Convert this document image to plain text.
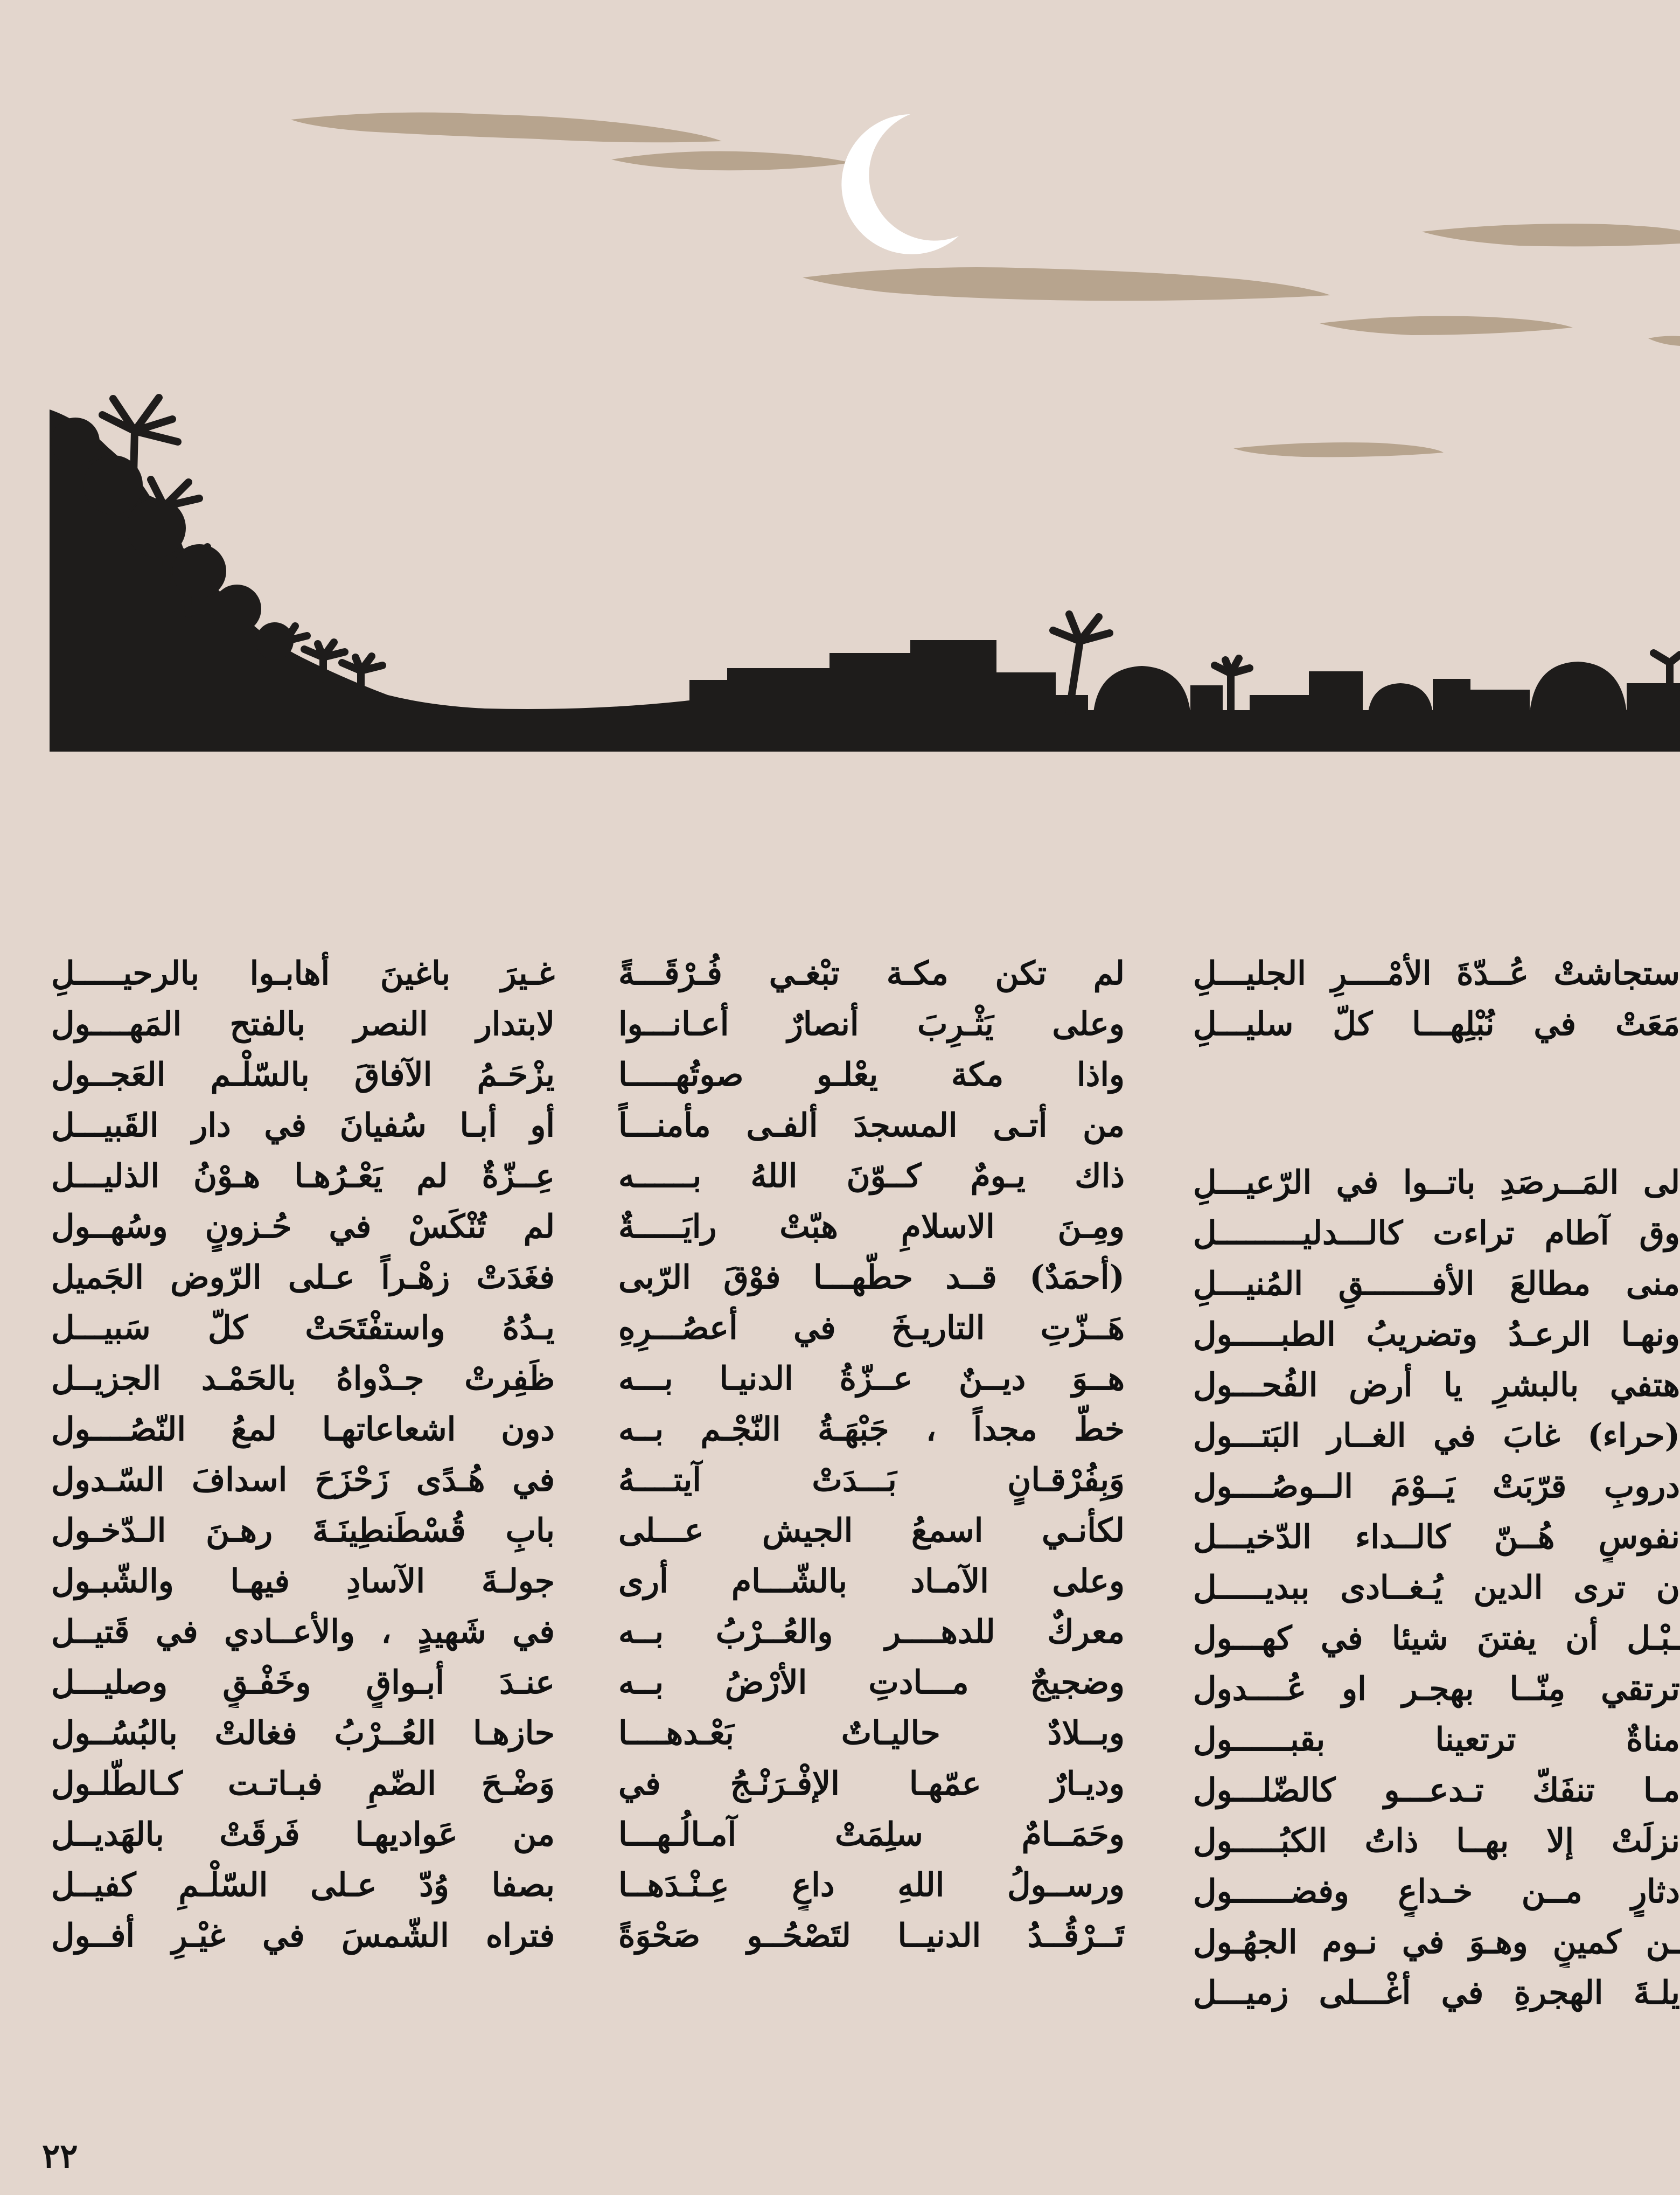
ستجاشتْ عُــدّةَ الأمْــــرِ الجليـــلِ
مَعَتْ في نُبْلِهـــا كلّ سليـــلِ
لى المَــرصَدِ باتــوا في الرّعيـــلِ
وق آطام تراءت كالـــدليـــــــــل
منى مطالعَ الأفـــــــقِ المُنيـــلِ
ونهـا الرعـدُ وتضريبُ الطبـــــول
هتفي بالبشرِ يا أرض الفُحـــول
(حراء) غابَ في الغــار البَتـــول
دروبِ قرّبَتْ يَــوْمَ الــوصُــــول
نفوسٍ هُــنّ كالــداء الدّخيـــل
ن ترى الدين يُـغــادى ببديـــــل
ـبْـل أن يفتنَ شيئا في كهـــول
ترتقي مِنّــا بهجـر او عُــــدول
مناةٌ ترتعينا بقبــــــول
مـا تنفَكّ تـدعـــو كالضّلـــول
نزلَتْ إلا بهــا ذاتُ الكبُـــــول
دثارٍ مــن خـداعٍ وفضــــــول
ـن كمينٍ وهـوَ في نـوم الجهُـول
يلـةَ الهجرةِ في أغْـــلى زميـــل
لم تكن مكـة تبْغـي فُـرْقَـــةً
وعلى يَثْـرِبَ أنصارٌ أعـانـــوا
واذا مكة يعْلـو صوتُهـــــا
من أتـى المسجدَ ألفـى مأمنـــاً
ذاك يـومٌ كــوّنَ اللهُ بــــــه
ومِـنَ الاسلامِ هبّتْ رايَـــــةٌ
(أحمَدٌ) قــد حطّهـــا فوْقَ الرّبى
هَــزّتِ التاريـخَ في أعصُـــرِهِ
هــوَ ديــنٌ عــزّةُ الدنيـا بـــه
خطّ مجداً ، جَبْهَـةُ النّجْـم بــه
وَبِفُرْقـانٍ بَـــدَتْ آيتــــهُ
لكأنـي اسمعُ الجيش عـــلى
وعلى الآمـاد بالشّـــام أرى
معركٌ للدهــــر والعُــرْبُ بــه
وضجيجٌ مـــادتِ الأرْضُ بــه
وبــلادٌ حاليـاتٌ بَعْـدهــــا
وديـارٌ عمّهـا الإفْـرَنْـجُ في
وحَمَــامٌ سلِمَتْ آمـالُـهـــا
ورســولُ اللهِ داعٍ عِـنْـدَهــا
تَــرْقُــدُ الدنيــا لتَصْحُــو صَحْوَةً
غـيرَ باغينَ أهابـوا بالرحيـــــلِ
لابتدار النصر بالفتح المَهــــول
يزْحَـمُ الآفاقَ بالسّلْـم العَجــول
أو أبـا سُفيانَ في دار القَبيـــل
عِــزّةٌ لم يَعْـرُهـا هـوْنُ الذليـــل
لم تُنْكَسْ في حُـزونٍ وسُهــول
فغَدَتْ زهْـراً عـلى الرّوض الجَميل
يـدُهُ واستفْتَحَتْ كلّ سَبيـــل
ظَفِرتْ جـدْواهُ بالحَمْـد الجزيــل
دون اشعاعاتهـا لمعُ النّصُــــول
في هُـدًى زَحْزَحَ اسدافَ السّـدول
بابِ قُسْطَنطِينَـةَ رهـنَ الـدّخـول
جولـةَ الآسادِ فيهـا والشّبـول
في شَهيدٍ ، والأعــادي في قَتيــل
عنـدَ أبـواقٍ وخَفْـقٍ وصليـــل
حازهـا العُــرْبُ فغالتْ بالبُسُــول
وَضْـحَ الضّمِ فبـاتـت كـالطّلـول
من عَواديهـا فَرقَتْ بالهَديــل
بصفا وُدّ عـلى السّلْـمِ كفيــل
فتراه الشّمسَ في غيْـرِ أفــول
٢٢
